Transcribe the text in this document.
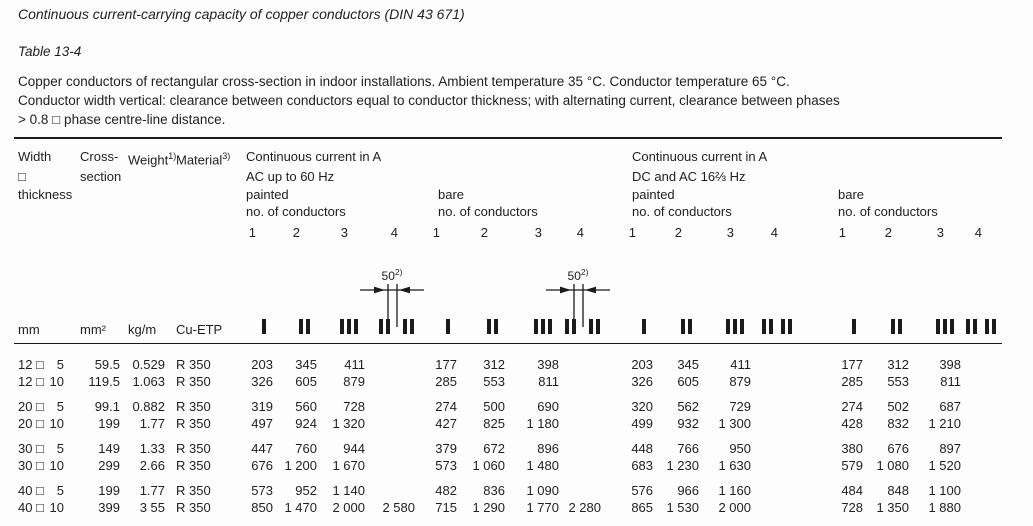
Continuous current-carrying capacity of copper conductors (DIN 43 671)
Table 13-4
Copper conductors of rectangular cross-section in indoor installations. Ambient temperature 35 °C. Conductor temperature 65 °C.
Conductor width vertical: clearance between conductors equal to conductor thickness; with alternating current, clearance between phases
> 0.8 □ phase centre-line distance.
Width	Cross-	Weight$^{1)}$	Material$^{3)}$	Continuous current in A										Continuous current in A								
□	section			AC up to 60 Hz										DC and AC 16⅔ Hz								
thickness				painted					bare					painted					bare			
				no. of conductors					no. of conductors					no. of conductors					no. of conductors			
				1	2	3	4		1	2	3	4		1	2	3	4		1	2	3	4
mm	mm²	kg/m	Cu-ETP				50$^{2)}$					50$^{2)}$

12 □ 5	59.5	0.529	R 350	203	345	411			177	312	398			203	345	411			177	312	398	
12 □ 10	119.5	1.063	R 350	326	605	879			285	553	811			326	605	879			285	553	811	
20 □ 5	99.1	0.882	R 350	319	560	728			274	500	690			320	562	729			274	502	687	
20 □ 10	199	1.77	R 350	497	924	1 320			427	825	1 180			499	932	1 300			428	832	1 210	
30 □ 5	149	1.33	R 350	447	760	944			379	672	896			448	766	950			380	676	897	
30 □ 10	299	2.66	R 350	676	1 200	1 670			573	1 060	1 480			683	1 230	1 630			579	1 080	1 520	
40 □ 5	199	1.77	R 350	573	952	1 140			482	836	1 090			576	966	1 160			484	848	1 100	
40 □ 10	399	3 55	R 350	850	1 470	2 000	2 580		715	1 290	1 770	2 280		865	1 530	2 000			728	1 350	1 880	
